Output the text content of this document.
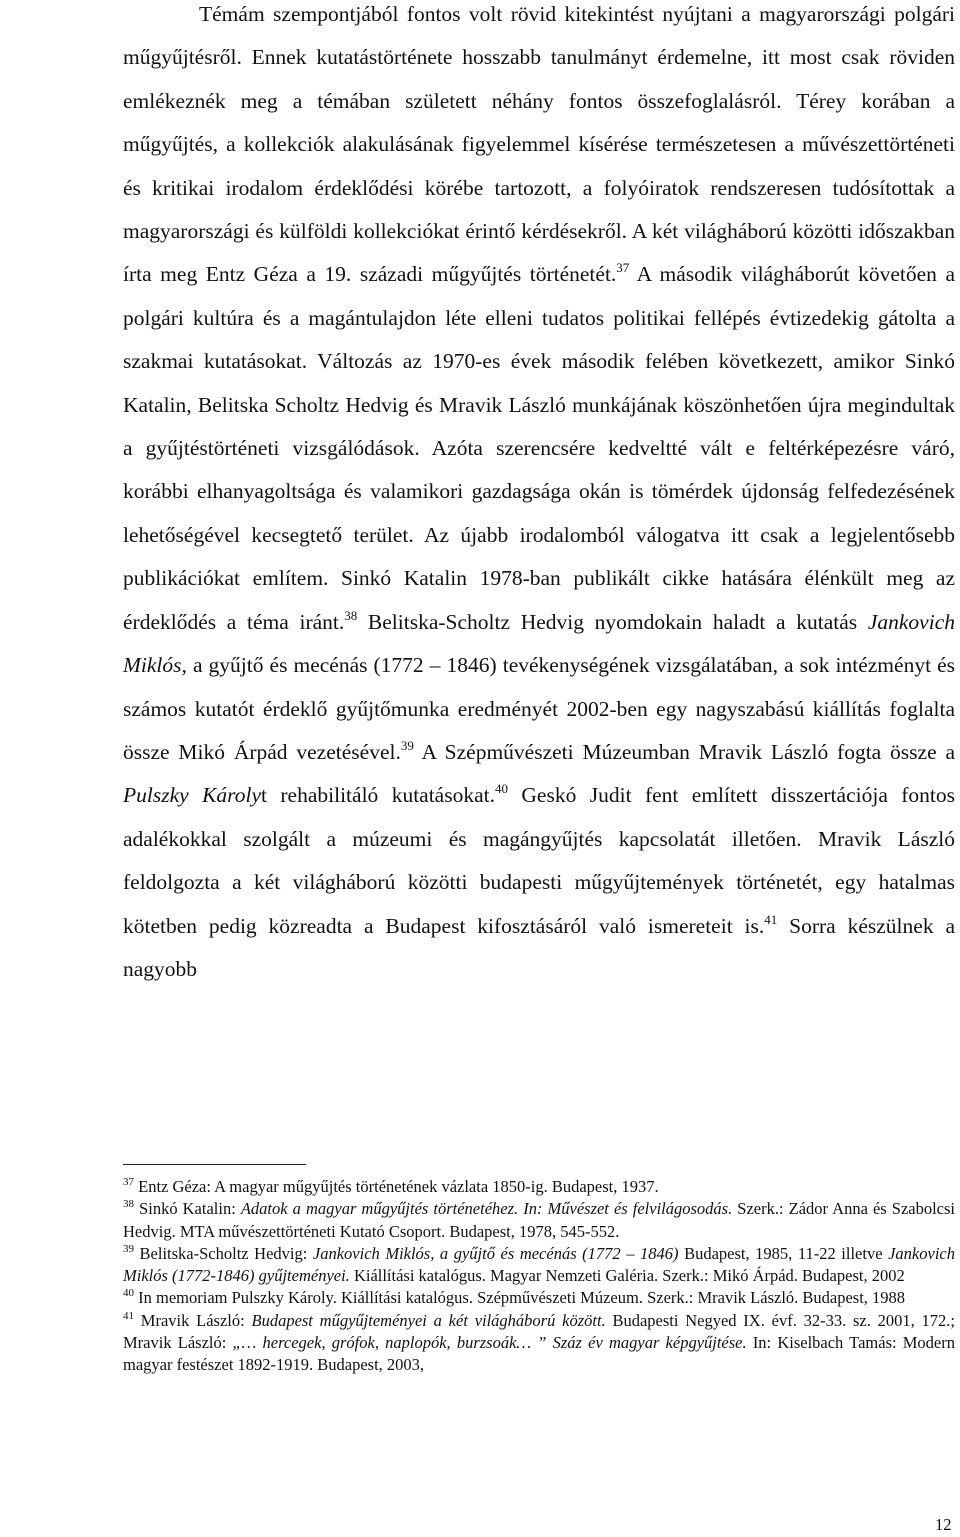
Témám szempontjából fontos volt rövid kitekintést nyújtani a magyarországi polgári műgyűjtésről. Ennek kutatástörténete hosszabb tanulmányt érdemelne, itt most csak röviden emlékeznék meg a témában született néhány fontos összefoglalásról. Térey korában a műgyűjtés, a kollekciók alakulásának figyelemmel kísérése természetesen a művészettörténeti és kritikai irodalom érdeklődési körébe tartozott, a folyóiratok rendszeresen tudósítottak a magyarországi és külföldi kollekciókat érintő kérdésekről. A két világháború közötti időszakban írta meg Entz Géza a 19. századi műgyűjtés történetét.$^{37}$ A második világháborút követően a polgári kultúra és a magántulajdon léte elleni tudatos politikai fellépés évtizedekig gátolta a szakmai kutatásokat. Változás az 1970-es évek második felében következett, amikor Sinkó Katalin, Belitska Scholtz Hedvig és Mravik László munkájának köszönhetően újra megindultak a gyűjtéstörténeti vizsgálódások. Azóta szerencsére kedveltté vált e feltérképezésre váró, korábbi elhanyagoltsága és valamikori gazdagsága okán is tömérdek újdonság felfedezésének lehetőségével kecsegtető terület. Az újabb irodalomból válogatva itt csak a legjelentősebb publikációkat említem. Sinkó Katalin 1978-ban publikált cikke hatására élénkült meg az érdeklődés a téma iránt.$^{38}$ Belitska-Scholtz Hedvig nyomdokain haladt a kutatás Jankovich Miklós, a gyűjtő és mecénás (1772 – 1846) tevékenységének vizsgálatában, a sok intézményt és számos kutatót érdeklő gyűjtőmunka eredményét 2002-ben egy nagyszabású kiállítás foglalta össze Mikó Árpád vezetésével.$^{39}$ A Szépművészeti Múzeumban Mravik László fogta össze a Pulszky Károlyt rehabilitáló kutatásokat.$^{40}$ Geskó Judit fent említett disszertációja fontos adalékokkal szolgált a múzeumi és magángyűjtés kapcsolatát illetően. Mravik László feldolgozta a két világháború közötti budapesti műgyűjtemények történetét, egy hatalmas kötetben pedig közreadta a Budapest kifosztásáról való ismereteit is.$^{41}$ Sorra készülnek a nagyobb

$^{37}$ Entz Géza: A magyar műgyűjtés történetének vázlata 1850-ig. Budapest, 1937.

$^{38}$ Sinkó Katalin: Adatok a magyar műgyűjtés történetéhez. In: Művészet és felvilágosodás. Szerk.: Zádor Anna és Szabolcsi Hedvig. MTA művészettörténeti Kutató Csoport. Budapest, 1978, 545-552.

$^{39}$ Belitska-Scholtz Hedvig: Jankovich Miklós, a gyűjtő és mecénás (1772 – 1846) Budapest, 1985, 11-22 illetve Jankovich Miklós (1772-1846) gyűjteményei. Kiállítási katalógus. Magyar Nemzeti Galéria. Szerk.: Mikó Árpád. Budapest, 2002

$^{40}$ In memoriam Pulszky Károly. Kiállítási katalógus. Szépművészeti Múzeum. Szerk.: Mravik László. Budapest, 1988

$^{41}$ Mravik László: Budapest műgyűjteményei a két világháború között. Budapesti Negyed IX. évf. 32-33. sz. 2001, 172.; Mravik László: „… hercegek, grófok, naplopók, burzsoák… ” Száz év magyar képgyűjtése. In: Kiselbach Tamás: Modern magyar festészet 1892-1919. Budapest, 2003,

12
